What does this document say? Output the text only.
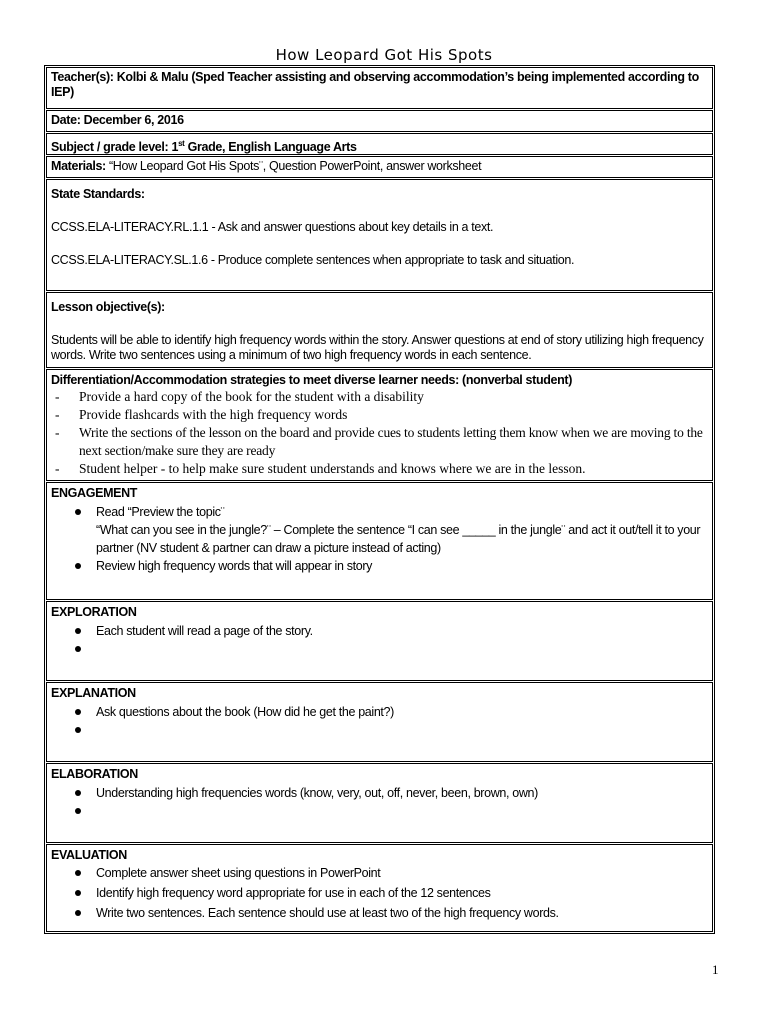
How Leopard Got His Spots
Teacher(s): Kolbi & Malu (Sped Teacher assisting and observing accommodation’s being implemented according to IEP)
Date: December 6, 2016
Subject / grade level: 1st Grade, English Language Arts
Materials: “How Leopard Got His Spots¨, Question PowerPoint, answer worksheet

State Standards:

CCSS.ELA-LITERACY.RL.1.1 - Ask and answer questions about key details in a text.

CCSS.ELA-LITERACY.SL.1.6 - Produce complete sentences when appropriate to task and situation.

Lesson objective(s):

Students will be able to identify high frequency words within the story. Answer questions at end of story utilizing high frequency words. Write two sentences using a minimum of two high frequency words in each sentence.

Differentiation/Accommodation strategies to meet diverse learner needs: (nonverbal student)

- Provide a hard copy of the book for the student with a disability
- Provide flashcards with the high frequency words
- Write the sections of the lesson on the board and provide cues to students letting them know when we are moving to the next section/make sure they are ready
- Student helper - to help make sure student understands and knows where we are in the lesson.

ENGAGEMENT

Read “Preview the topic¨

“What can you see in the jungle?¨ – Complete the sentence “I can see _____ in the jungle¨ and act it out/tell it to your partner (NV student & partner can draw a picture instead of acting)

Review high frequency words that will appear in story

EXPLORATION

Each student will read a page of the story.

EXPLANATION

Ask questions about the book (How did he get the paint?)

ELABORATION

Understanding high frequencies words (know, very, out, off, never, been, brown, own)

EVALUATION

Complete answer sheet using questions in PowerPoint
Identify high frequency word appropriate for use in each of the 12 sentences
Write two sentences. Each sentence should use at least two of the high frequency words.
1
